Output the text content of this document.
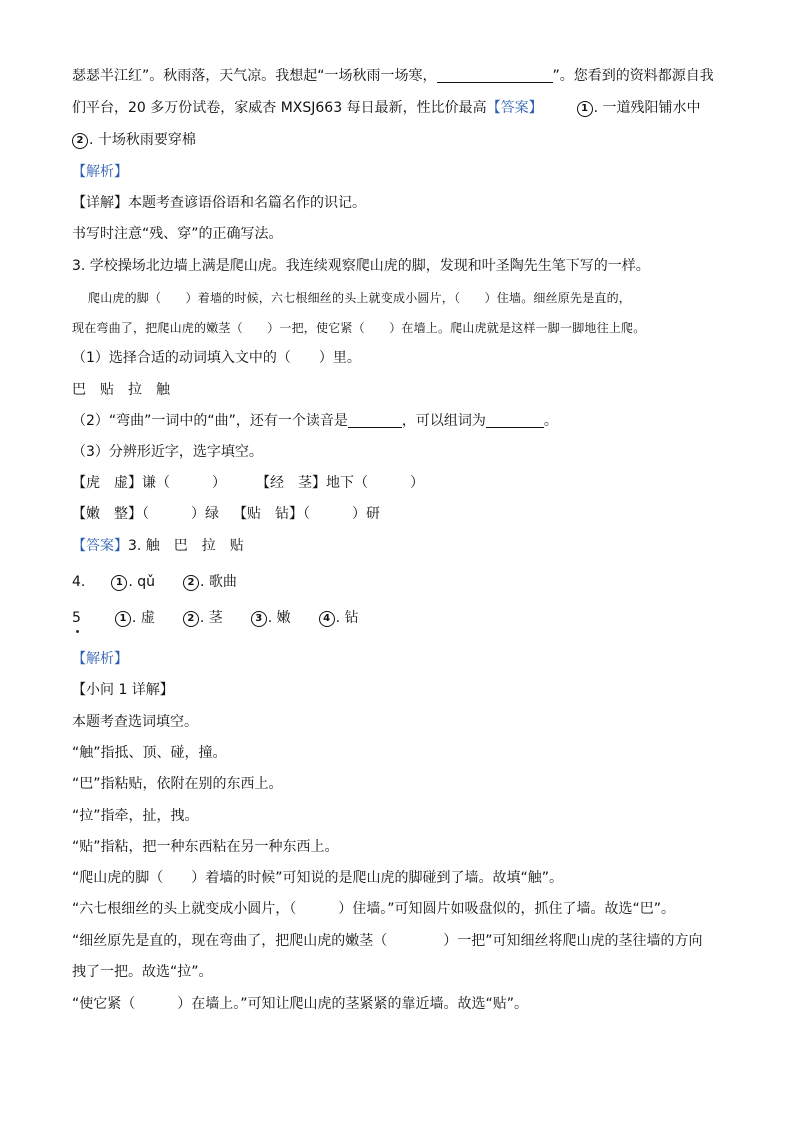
瑟瑟半江红”。秋雨落，天气凉。我想起“一场秋雨一场寒，	”。您看到的资料都源自我
们平台，20 多万份试卷，家威杏 MXSJ663 每日最新，性比价最高【答案】	1 . 一道残阳铺水中
2 . 十场秋雨要穿棉
【解析】
【详解】本题考查谚语俗语和名篇名作的识记。
书写时注意“残、穿”的正确写法。
3. 学校操场北边墙上满是爬山虎。我连续观察爬山虎的脚，发现和叶圣陶先生笔下写的一样。
爬山虎的脚（　　）着墙的时候，六七根细丝的头上就变成小圆片，（　　）住墙。细丝原先是直的，
现在弯曲了，把爬山虎的嫩茎（　　）一把，使它紧（　　）在墙上。爬山虎就是这样一脚一脚地往上爬。
（1）选择合适的动词填入文中的（　　）里。
巴　贴　拉　触
（2）“弯曲”一词中的“曲”，还有一个读音是	，可以组词为	。
（3）分辨形近字，选字填空。
【虎　虚】谦（　　　） 【经　茎】地下（　　　）
【嫩　整】（　　　）绿 【贴　钻】（　　　）研
【答案】3. 触　巴　拉　贴
4.	1 . qǔ	2 . 歌曲
5	1 . 虚	2 . 茎	3 . 嫩	4 . 钻
【解析】
【小问 1 详解】
本题考查选词填空。
“触”指抵、顶、碰，撞。
“巴”指粘贴，依附在别的东西上。
“拉”指牵，扯，拽。
“贴”指粘，把一种东西粘在另一种东西上。
“爬山虎的脚（　　）着墙的时候”可知说的是爬山虎的脚碰到了墙。故填“触”。
“六七根细丝的头上就变成小圆片，（　　　）住墙。”可知圆片如吸盘似的，抓住了墙。故选“巴”。
“细丝原先是直的，现在弯曲了，把爬山虎的嫩茎（　　　　）一把”可知细丝将爬山虎的茎往墙的方向
拽了一把。故选“拉”。
“使它紧（　　　）在墙上。”可知让爬山虎的茎紧紧的靠近墙。故选“贴”。
